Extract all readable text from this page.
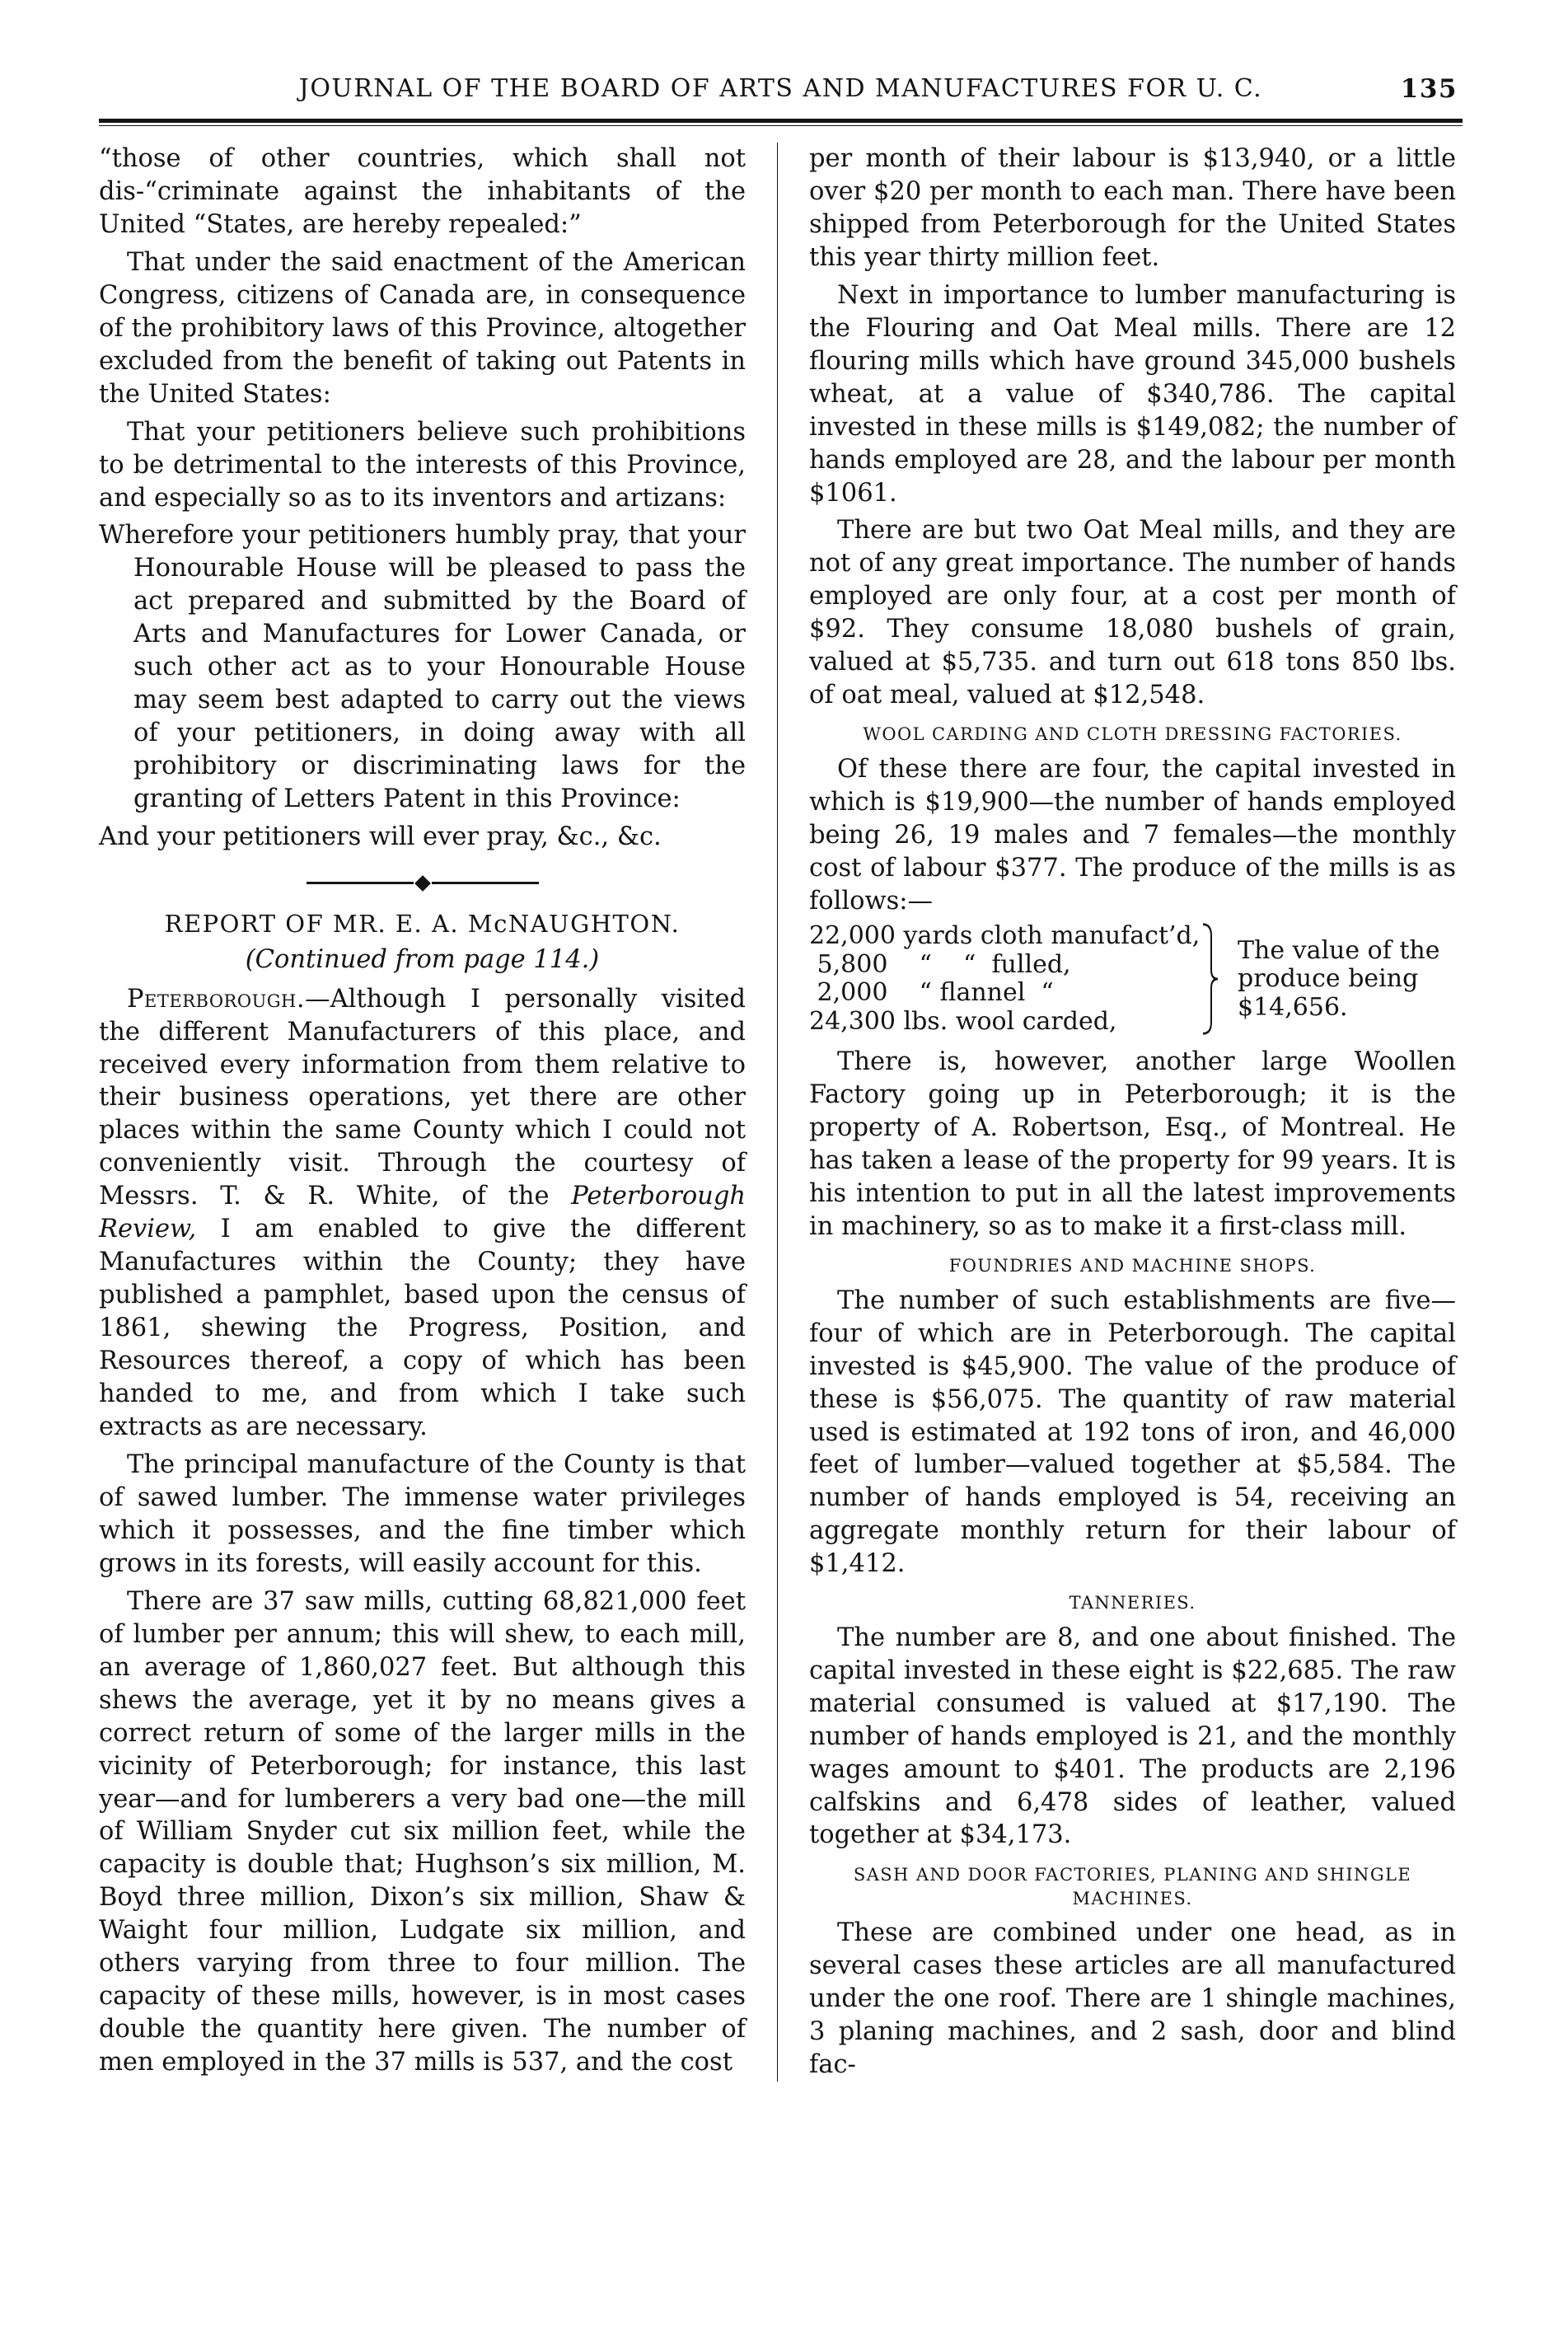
JOURNAL OF THE BOARD OF ARTS AND MANUFACTURES FOR U. C.	135

“those of other countries, which shall not dis-“criminate against the inhabitants of the United “States, are hereby repealed:”

That under the said enactment of the American Congress, citizens of Canada are, in consequence of the prohibitory laws of this Province, altogether excluded from the benefit of taking out Patents in the United States:

That your petitioners believe such prohibitions to be detrimental to the interests of this Province, and especially so as to its inventors and artizans:

Wherefore your petitioners humbly pray, that your Honourable House will be pleased to pass the act prepared and submitted by the Board of Arts and Manufactures for Lower Canada, or such other act as to your Honourable House may seem best adapted to carry out the views of your petitioners, in doing away with all prohibitory or discriminating laws for the granting of Letters Patent in this Province:

And your petitioners will ever pray, &c., &c.

REPORT OF MR. E. A. McNAUGHTON.
(Continued from page 114.)

Peterborough.—Although I personally visited the different Manufacturers of this place, and received every information from them relative to their business operations, yet there are other places within the same County which I could not conveniently visit. Through the courtesy of Messrs. T. & R. White, of the Peterborough Review, I am enabled to give the different Manufactures within the County; they have published a pamphlet, based upon the census of 1861, shewing the Progress, Position, and Resources thereof, a copy of which has been handed to me, and from which I take such extracts as are necessary.

The principal manufacture of the County is that of sawed lumber. The immense water privileges which it possesses, and the fine timber which grows in its forests, will easily account for this.

There are 37 saw mills, cutting 68,821,000 feet of lumber per annum; this will shew, to each mill, an average of 1,860,027 feet. But although this shews the average, yet it by no means gives a correct return of some of the larger mills in the vicinity of Peterborough; for instance, this last year—and for lumberers a very bad one—the mill of William Snyder cut six million feet, while the capacity is double that; Hughson’s six million, M. Boyd three million, Dixon’s six million, Shaw & Waight four million, Ludgate six million, and others varying from three to four million. The capacity of these mills, however, is in most cases double the quantity here given. The number of men employed in the 37 mills is 537, and the cost

per month of their labour is $13,940, or a little over $20 per month to each man. There have been shipped from Peterborough for the United States this year thirty million feet.

Next in importance to lumber manufacturing is the Flouring and Oat Meal mills. There are 12 flouring mills which have ground 345,000 bushels wheat, at a value of $340,786. The capital invested in these mills is $149,082; the number of hands employed are 28, and the labour per month $1061.

There are but two Oat Meal mills, and they are not of any great importance. The number of hands employed are only four, at a cost per month of $92. They consume 18,080 bushels of grain, valued at $5,735. and turn out 618 tons 850 lbs. of oat meal, valued at $12,548.

WOOL CARDING AND CLOTH DRESSING FACTORIES.

Of these there are four, the capital invested in which is $19,900—the number of hands employed being 26, 19 males and 7 females—the monthly cost of labour $377. The produce of the mills is as follows:—

22,000 yards cloth manufact’d,
5,800    “    “  fulled,
2,000    “ flannel  “
24,300 lbs. wool carded,
The value of the produce being $14,656.

There is, however, another large Woollen Factory going up in Peterborough; it is the property of A. Robertson, Esq., of Montreal. He has taken a lease of the property for 99 years. It is his intention to put in all the latest improvements in machinery, so as to make it a first-class mill.

FOUNDRIES AND MACHINE SHOPS.

The number of such establishments are five—four of which are in Peterborough. The capital invested is $45,900. The value of the produce of these is $56,075. The quantity of raw material used is estimated at 192 tons of iron, and 46,000 feet of lumber—valued together at $5,584. The number of hands employed is 54, receiving an aggregate monthly return for their labour of $1,412.

TANNERIES.

The number are 8, and one about finished. The capital invested in these eight is $22,685. The raw material consumed is valued at $17,190. The number of hands employed is 21, and the monthly wages amount to $401. The products are 2,196 calfskins and 6,478 sides of leather, valued together at $34,173.

SASH AND DOOR FACTORIES, PLANING AND SHINGLE MACHINES.

These are combined under one head, as in several cases these articles are all manufactured under the one roof. There are 1 shingle machines, 3 planing machines, and 2 sash, door and blind fac-
